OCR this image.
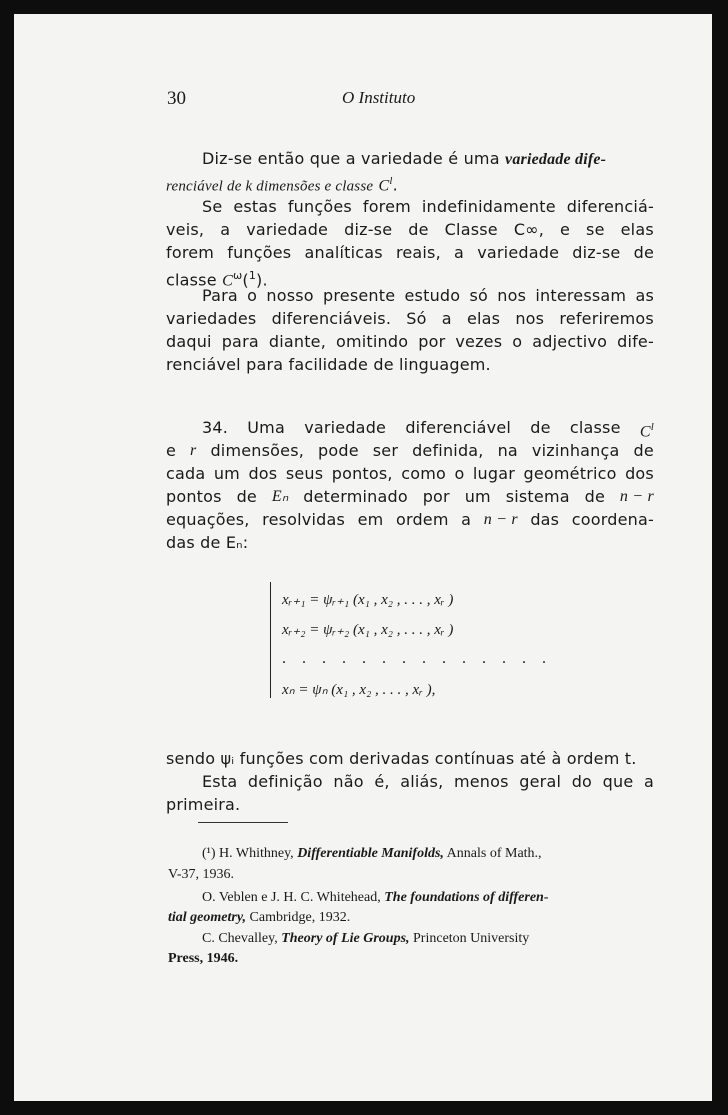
30	O Instituto
Diz-se então que a variedade é uma variedade dife-
renciável de k dimensões e classe $C^l$.
Se estas funções forem indefinidamente diferenciá-
veis, a variedade diz-se de Classe C∞, e se elas
forem funções analíticas reais, a variedade diz-se de
classe $C^\omega(^1)$.
Para o nosso presente estudo só nos interessam as
variedades diferenciáveis. Só a elas nos referiremos
daqui para diante, omitindo por vezes o adjectivo dife-
renciável para facilidade de linguagem.
34. Uma variedade diferenciável de classe $C^l$
e r dimensões, pode ser definida, na vizinhança de
cada um dos seus pontos, como o lugar geométrico dos
pontos de Eₙ determinado por um sistema de n − r
equações, resolvidas em ordem a n − r das coordena-
das de Eₙ:
xᵣ₊₁ = ψᵣ₊₁ (x₁ , x₂ , . . . , xᵣ )
xᵣ₊₂ = ψᵣ₊₂ (x₁ , x₂ , . . . , xᵣ )
. . . . . . . . . . . . . .
xₙ = ψₙ (x₁ , x₂ , . . . , xᵣ ),
sendo ψᵢ funções com derivadas contínuas até à ordem t.
Esta definição não é, aliás, menos geral do que a
primeira.
(¹) H. Whithney, Differentiable Manifolds, Annals of Math.,
V-37, 1936.
O. Veblen e J. H. C. Whitehead, The foundations of differen-
tial geometry, Cambridge, 1932.
C. Chevalley, Theory of Lie Groups, Princeton University
Press, 1946.
